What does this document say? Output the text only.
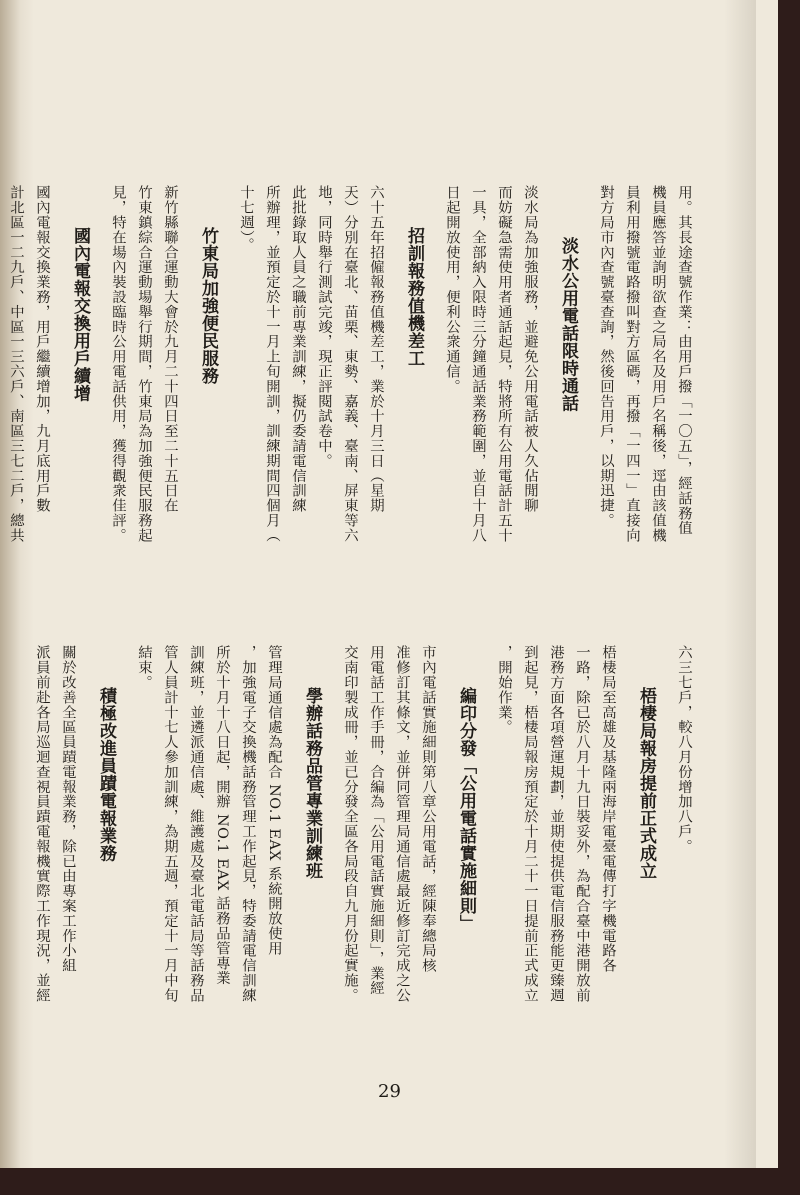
用。其長途查號作業：由用戶撥「一〇五」，經話務值
機員應答並詢明欲查之局名及用戶名稱後，逕由該值機
員利用撥號電路撥叫對方區碼，再撥「一四一」直接向
對方局市內查號臺查詢，然後回告用戶，以期迅捷。
淡水公用電話限時通話
淡水局為加強服務，並避免公用電話被人久佔閒聊
而妨礙急需使用者通話起見，特將所有公用電話計五十
一具，全部納入限時三分鐘通話業務範圍，並自十月八
日起開放使用，便利公衆通信。
招訓報務值機差工
六十五年招僱報務值機差工，業於十月三日（星期
天）分別在臺北、苗栗、東勢、嘉義、臺南、屏東等六
地，同時舉行測試完竣，現正評閱試卷中。
此批錄取人員之職前專業訓練，擬仍委請電信訓練
所辦理，並預定於十一月上旬開訓，訓練期間四個月（
十七週）。
竹東局加強便民服務
新竹縣聯合運動大會於九月二十四日至二十五日在
竹東鎮綜合運動場舉行期間，竹東局為加強便民服務起
見，特在場內裝設臨時公用電話供用，獲得觀衆佳評。
國內電報交換用戶續增
國內電報交換業務，用戶繼續增加，九月底用戶數
計北區一二九戶、中區一三六戶、南區三七二戶，總共
六三七戶，較八月份增加八戶。
梧棲局報房提前正式成立
梧棲局至高雄及基隆兩海岸電臺電傳打字機電路各
一路，除已於八月十九日裝妥外，為配合臺中港開放前
港務方面各項營運規劃，並期使提供電信服務能更臻週
到起見，梧棲局報房預定於十月二十一日提前正式成立
，開始作業。
編印分發「公用電話實施細則」
市內電話實施細則第八章公用電話，經陳奉總局核
准修訂其條文，並併同管理局通信處最近修訂完成之公
用電話工作手冊，合編為「公用電話實施細則」，業經
交南印製成冊，並已分發全區各局段自九月份起實施。
學辦話務品管專業訓練班
管理局通信處為配合 NO.1 EAX 系統開放使用
，加強電子交換機話務管理工作起見，特委請電信訓練
所於十月十八日起，開辦 NO.1 EAX 話務品管專業
訓練班，並遴派通信處、維護處及臺北電話局等話務品
管人員計十七人參加訓練，為期五週，預定十一月中旬
結束。
積極改進員蹟電報業務
關於改善全區員蹟電報業務，除已由專案工作小組
派員前赴各局巡迴查視員蹟電報機實際工作現況，並經
29
